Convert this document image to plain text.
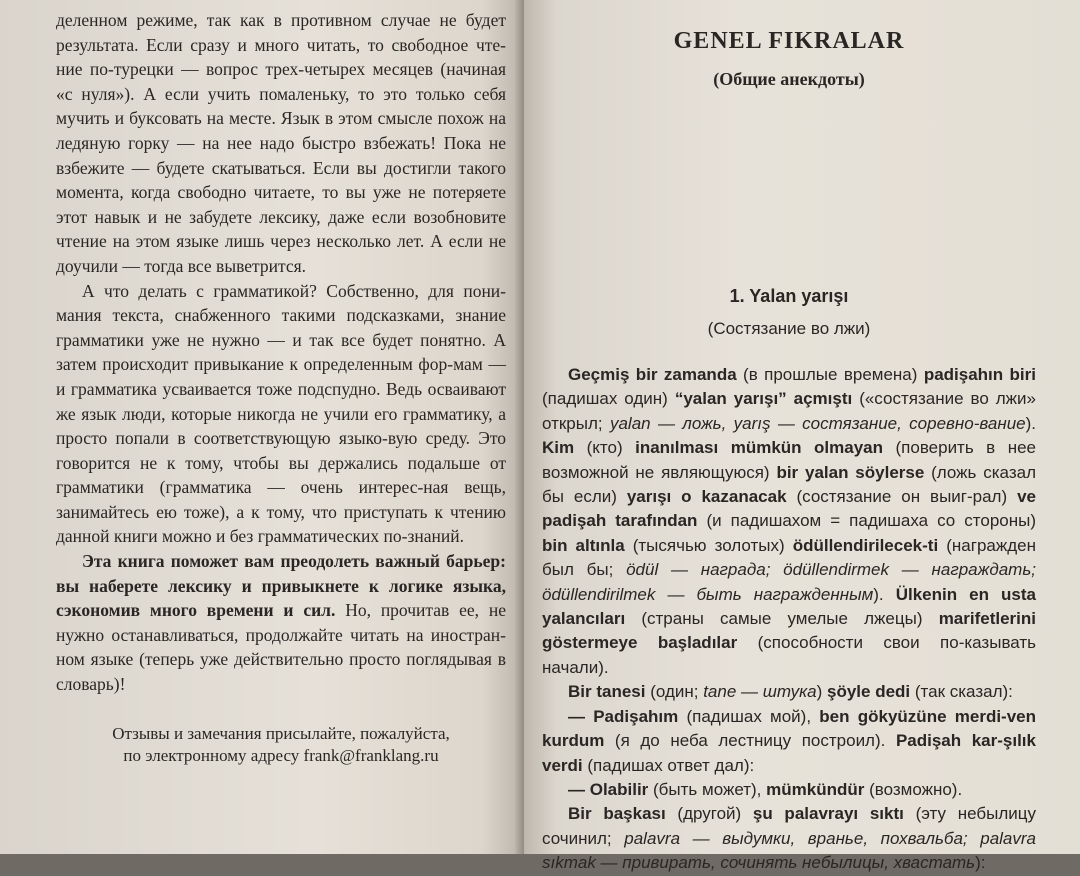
деленном режиме, так как в противном случае не будет результата. Если сразу и много читать, то свободное чте-ние по-турецки — вопрос трех-четырех месяцев (начиная «с нуля»). А если учить помаленьку, то это только себя мучить и буксовать на месте. Язык в этом смысле похож на ледяную горку — на нее надо быстро взбежать! Пока не взбежите — будете скатываться. Если вы достигли такого момента, когда свободно читаете, то вы уже не потеряете этот навык и не забудете лексику, даже если возобновите чтение на этом языке лишь через несколько лет. А если не доучили — тогда все выветрится.

А что делать с грамматикой? Собственно, для пони-мания текста, снабженного такими подсказками, знание грамматики уже не нужно — и так все будет понятно. А затем происходит привыкание к определенным фор-мам — и грамматика усваивается тоже подспудно. Ведь осваивают же язык люди, которые никогда не учили его грамматику, а просто попали в соответствующую языко-вую среду. Это говорится не к тому, чтобы вы держались подальше от грамматики (грамматика — очень интерес-ная вещь, занимайтесь ею тоже), а к тому, что приступать к чтению данной книги можно и без грамматических по-знаний.

Эта книга поможет вам преодолеть важный барьер: вы наберете лексику и привыкнете к логике языка, сэкономив много времени и сил. Но, прочитав ее, не нужно останавливаться, продолжайте читать на иностран-ном языке (теперь уже действительно просто поглядывая в словарь)!

Отзывы и замечания присылайте, пожалуйста,
по электронному адресу frank@franklang.ru
GENEL FIKRALAR
(Общие анекдоты)
1. Yalan yarışı
(Состязание во лжи)

Geçmiş bir zamanda (в прошлые времена) padişahın biri (падишах один) “yalan yarışı” açmıştı («состязание во лжи» открыл; yalan — ложь, yarış — состязание, соревно-вание). Kim (кто) inanılması mümkün olmayan (поверить в нее возможной не являющуюся) bir yalan söylerse (ложь сказал бы если) yarışı o kazanacak (состязание он выиг-рал) ve padişah tarafından (и падишахом = падишаха со стороны) bin altınla (тысячью золотых) ödüllendirilecek-ti (награжден был бы; ödül — награда; ödüllendirmek — награждать; ödüllendirilmek — быть награжденным). Ülkenin en usta yalancıları (страны самые умелые лжецы) marifetlerini göstermeye başladılar (способности свои по-казывать начали).

Bir tanesi (один; tane — штука) şöyle dedi (так сказал):

— Padişahım (падишах мой), ben gökyüzüne merdi-ven kurdum (я до неба лестницу построил). Padişah kar-şılık verdi (падишах ответ дал):

— Olabilir (быть может), mümkündür (возможно).

Bir başkası (другой) şu palavrayı sıktı (эту небылицу сочинил; palavra — выдумки, вранье, похвальба; palavra sıkmak — привирать, сочинять небылицы, хвастать):
